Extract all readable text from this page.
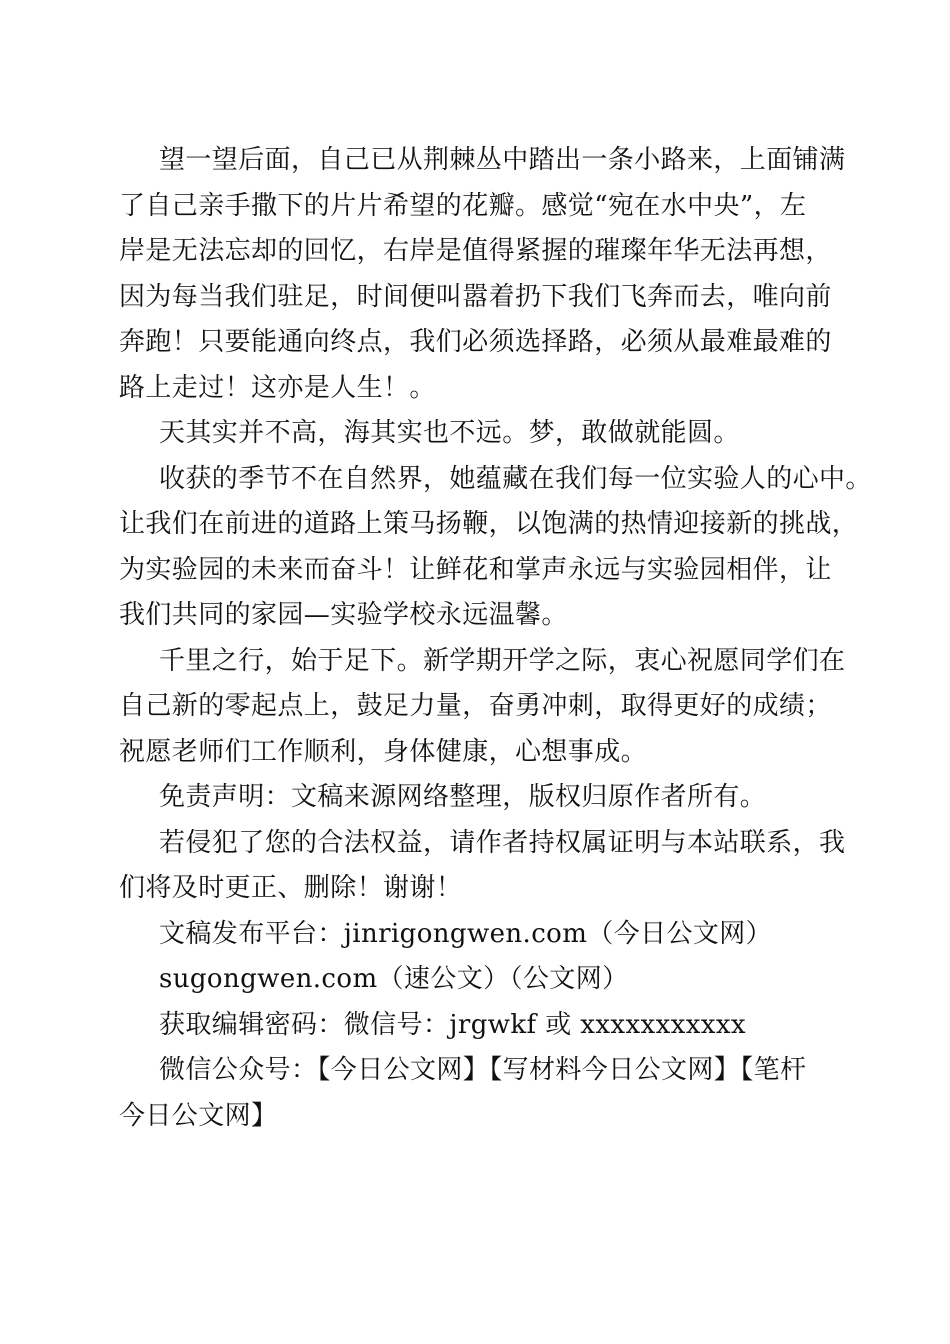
望一望后面，自己已从荆棘丛中踏出一条小路来，上面铺满
了自己亲手撒下的片片希望的花瓣。感觉“宛在水中央”，左
岸是无法忘却的回忆，右岸是值得紧握的璀璨年华无法再想，
因为每当我们驻足，时间便叫嚣着扔下我们飞奔而去，唯向前
奔跑！只要能通向终点，我们必须选择路，必须从最难最难的
路上走过！这亦是人生！。
天其实并不高，海其实也不远。梦，敢做就能圆。
收获的季节不在自然界，她蕴藏在我们每一位实验人的心中。
让我们在前进的道路上策马扬鞭，以饱满的热情迎接新的挑战，
为实验园的未来而奋斗！让鲜花和掌声永远与实验园相伴，让
我们共同的家园—实验学校永远温馨。
千里之行，始于足下。新学期开学之际，衷心祝愿同学们在
自己新的零起点上，鼓足力量，奋勇冲刺，取得更好的成绩；
祝愿老师们工作顺利，身体健康，心想事成。
免责声明：文稿来源网络整理，版权归原作者所有。
若侵犯了您的合法权益，请作者持权属证明与本站联系，我
们将及时更正、删除！谢谢！
文稿发布平台：jinrigongwen.com（今日公文网）
sugongwen.com（速公文）（公文网）
获取编辑密码：微信号：jrgwkf 或 xxxxxxxxxxx
微信公众号：【今日公文网】【写材料今日公文网】【笔杆
今日公文网】
